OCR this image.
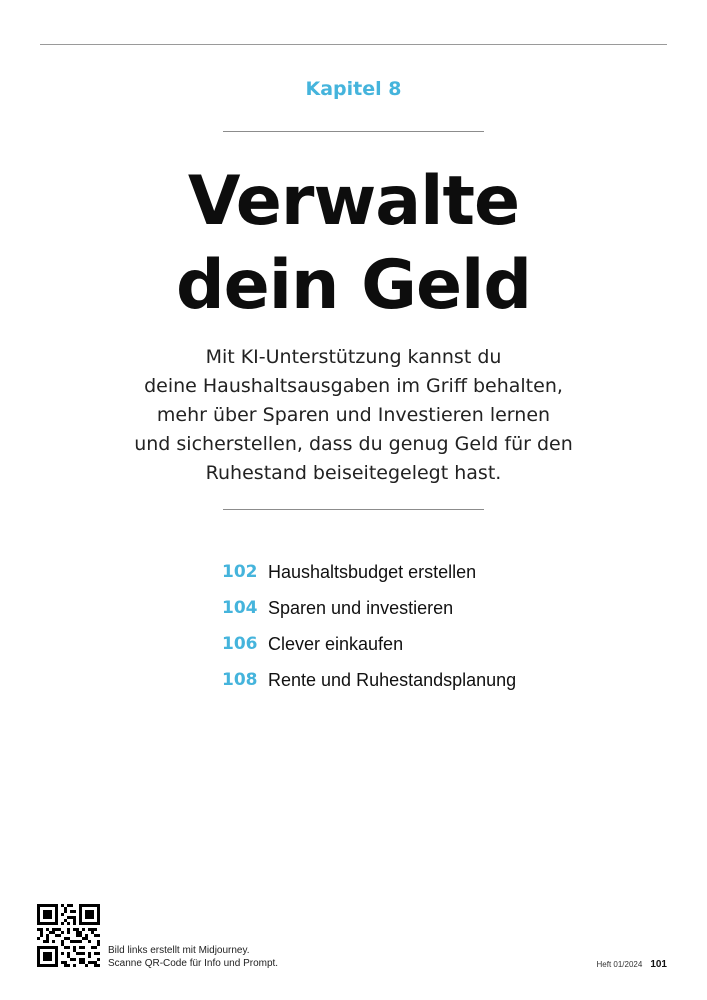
Kapitel 8
Verwalte
dein Geld
Mit KI-Unterstützung kannst du
deine Haushaltsausgaben im Griff behalten,
mehr über Sparen und Investieren lernen
und sicherstellen, dass du genug Geld für den
Ruhestand beiseitegelegt hast.
102 Haushaltsbudget erstellen
104 Sparen und investieren
106 Clever einkaufen
108 Rente und Ruhestandsplanung
Bild links erstellt mit Midjourney.
Scanne QR-Code für Info und Prompt.	Heft 01/2024 101
